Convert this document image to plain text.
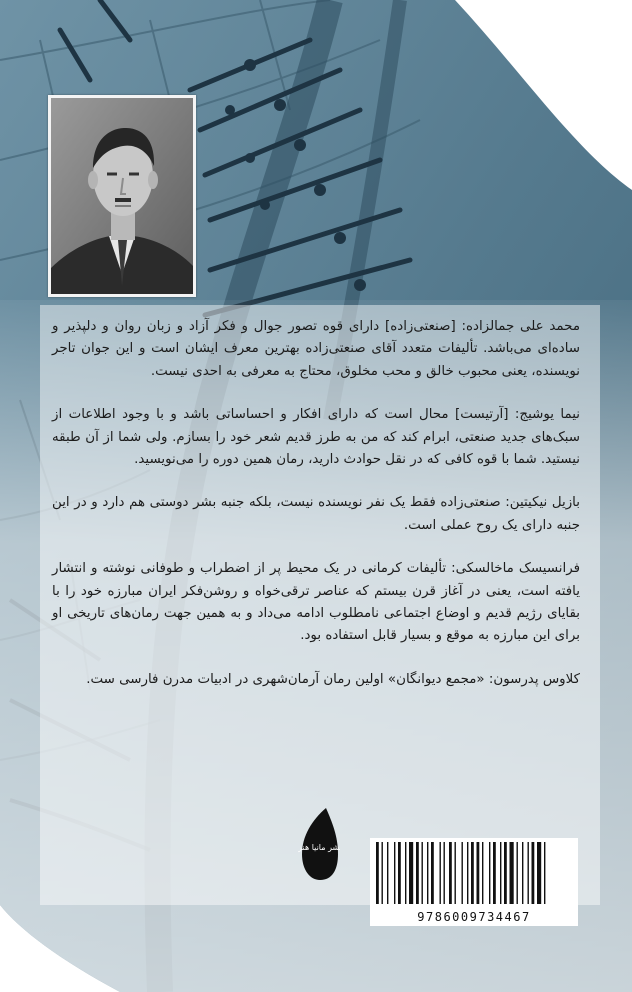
محمد علی جمالزاده: [صنعتی‌زاده] دارای قوه تصور جوال و فکر آزاد و زبان روان و دلپذیر و ساده‌ای می‌باشد. تألیفات متعدد آقای صنعتی‌زاده بهترین معرف ایشان است و این جوان تاجر نویسنده، یعنی محبوب خالق و محب مخلوق، محتاج به معرفی به احدی نیست.

نیما یوشیج: [آرتیست] محال است که دارای افکار و احساساتی باشد و با وجود اطلاعات از سبک‌های جدید صنعتی، ابرام کند که من به طرز قدیم شعر خود را بسازم. ولی شما از آن طبقه نیستید. شما با قوه کافی که در نقل حوادث دارید، رمان همین دوره را می‌نویسید.

بازیل نیکیتین: صنعتی‌زاده فقط یک نفر نویسنده نیست، بلکه جنبه بشر دوستی هم دارد و در این جنبه دارای یک روح عملی است.

فرانسیسک ماخالسکی: تألیفات کرمانی در یک محیط پر از اضطراب و طوفانی نوشته و انتشار یافته است، یعنی در آغاز قرن بیستم که عناصر ترقی‌خواه و روشن‌فکر ایران مبارزه خود را با بقایای رژیم قدیم و اوضاع اجتماعی نامطلوب ادامه می‌داد و به همین جهت رمان‌های تاریخی او برای این مبارزه به موقع و بسیار قابل استفاده بود.

کلاوس پدرسون: «مجمع دیوانگان» اولین رمان آرمان‌شهری در ادبیات مدرن فارسی ست.

نشر مانیا هنر
9786009734467
